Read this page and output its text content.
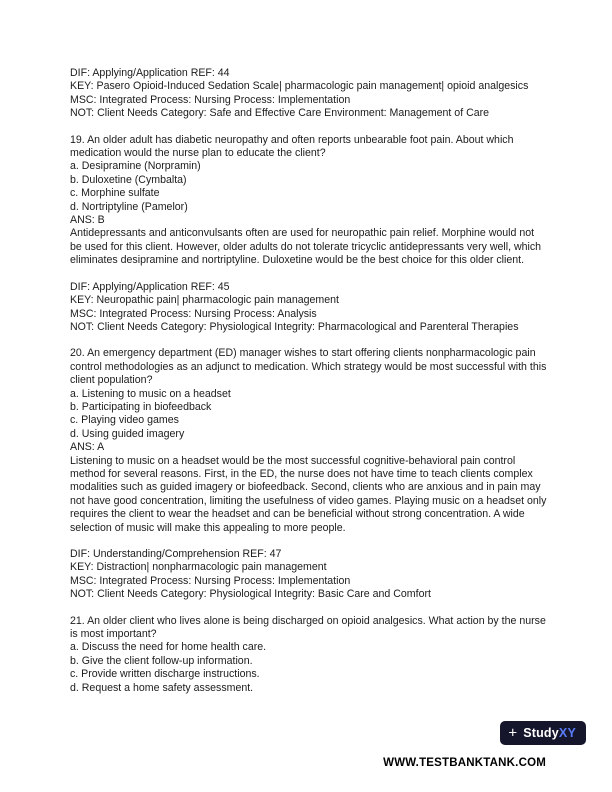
DIF: Applying/Application REF: 44

KEY: Pasero Opioid-Induced Sedation Scale| pharmacologic pain management| opioid analgesics MSC: Integrated Process: Nursing Process: Implementation

NOT: Client Needs Category: Safe and Effective Care Environment: Management of Care

19. An older adult has diabetic neuropathy and often reports unbearable foot pain. About which medication would the nurse plan to educate the client?

a. Desipramine (Norpramin)

b. Duloxetine (Cymbalta)

c. Morphine sulfate

d. Nortriptyline (Pamelor)

ANS: B

Antidepressants and anticonvulsants often are used for neuropathic pain relief. Morphine would not be used for this client. However, older adults do not tolerate tricyclic antidepressants very well, which eliminates desipramine and nortriptyline. Duloxetine would be the best choice for this older client.

DIF: Applying/Application REF: 45

KEY: Neuropathic pain| pharmacologic pain management

MSC: Integrated Process: Nursing Process: Analysis

NOT: Client Needs Category: Physiological Integrity: Pharmacological and Parenteral Therapies

20. An emergency department (ED) manager wishes to start offering clients nonpharmacologic pain control methodologies as an adjunct to medication. Which strategy would be most successful with this client population?

a. Listening to music on a headset

b. Participating in biofeedback

c. Playing video games

d. Using guided imagery

ANS: A

Listening to music on a headset would be the most successful cognitive-behavioral pain control method for several reasons. First, in the ED, the nurse does not have time to teach clients complex modalities such as guided imagery or biofeedback. Second, clients who are anxious and in pain may not have good concentration, limiting the usefulness of video games. Playing music on a headset only requires the client to wear the headset and can be beneficial without strong concentration. A wide selection of music will make this appealing to more people.

DIF: Understanding/Comprehension REF: 47

KEY: Distraction| nonpharmacologic pain management

MSC: Integrated Process: Nursing Process: Implementation

NOT: Client Needs Category: Physiological Integrity: Basic Care and Comfort

21. An older client who lives alone is being discharged on opioid analgesics. What action by the nurse is most important?

a. Discuss the need for home health care.

b. Give the client follow-up information.

c. Provide written discharge instructions.

d. Request a home safety assessment.

+ StudyXY
WWW.TESTBANKTANK.COM
